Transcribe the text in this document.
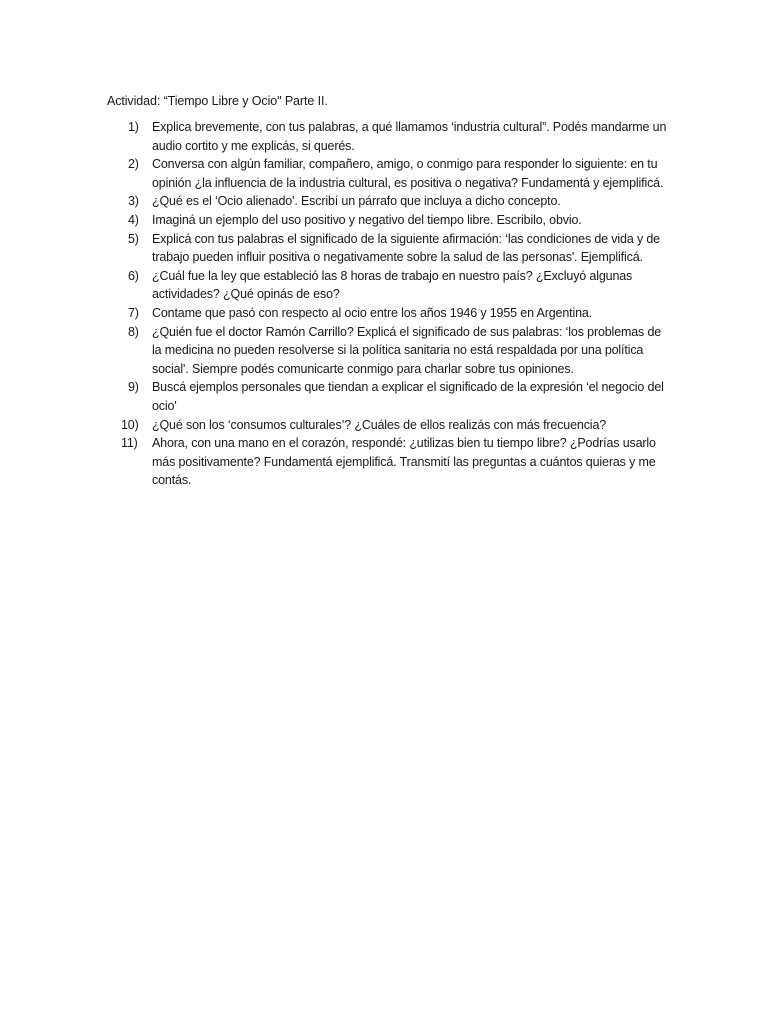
Actividad: “Tiempo Libre y Ocio" Parte II.
1)	Explica brevemente, con tus palabras, a qué llamamos ‘industria cultural”. Podés mandarme un audio cortito y me explicás, si querés.
2)	Conversa con algún familiar, compañero, amigo, o conmigo para responder lo siguiente: en tu opinión ¿la influencia de la industria cultural, es positiva o negativa? Fundamentá y ejemplificá.
3)	¿Qué es el ‘Ocio alienado'. Escribí un párrafo que incluya a dicho concepto.
4)	Imaginá un ejemplo del uso positivo y negativo del tiempo libre. Escribilo, obvio.
5)	Explicá con tus palabras el significado de la siguiente afirmación: ‘las condiciones de vida y de trabajo pueden influir positiva o negativamente sobre la salud de las personas'. Ejemplificá.
6)	¿Cuál fue la ley que estableció las 8 horas de trabajo en nuestro país? ¿Excluyó algunas actividades? ¿Qué opinás de eso?
7)	Contame que pasó con respecto al ocio entre los años 1946 y 1955 en Argentina.
8)	¿Quién fue el doctor Ramón Carrillo? Explicá el significado de sus palabras: ‘los problemas de la medicina no pueden resolverse si la política sanitaria no está respaldada por una política social'. Siempre podés comunicarte conmigo para charlar sobre tus opiniones.
9)	Buscá ejemplos personales que tiendan a explicar el significado de la expresión ‘el negocio del ocio'
10)	¿Qué son los ‘consumos culturales’? ¿Cuáles de ellos realizás con más frecuencia?
11)	Ahora, con una mano en el corazón, respondé: ¿utilizas bien tu tiempo libre? ¿Podrías usarlo más positivamente? Fundamentá ejemplificá. Transmití las preguntas a cuántos quieras y me contás.
